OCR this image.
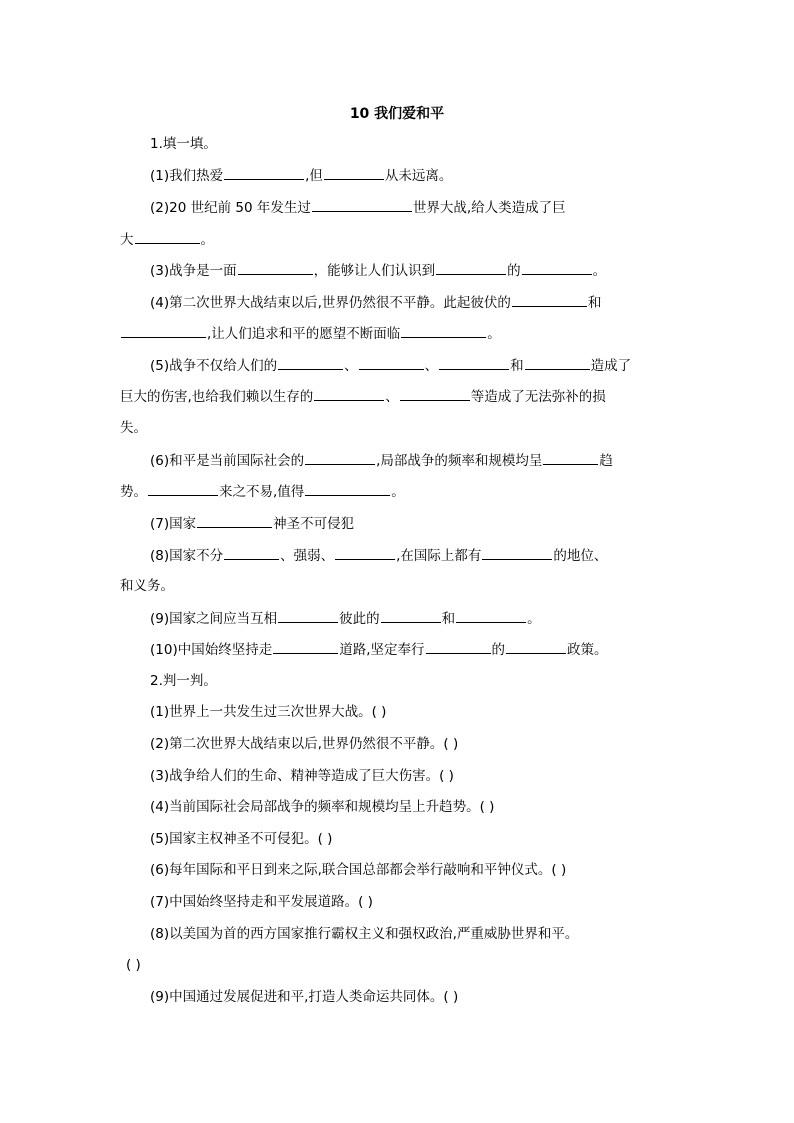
10 我们爱和平
1.填一填。
(1)我们热爱	,但	从未远离。
(2)20 世纪前 50 年发生过	世界大战,给人类造成了巨
大	。
(3)战争是一面	，能够让人们认识到	的	。
(4)第二次世界大战结束以后,世界仍然很不平静。此起彼伏的	和
,让人们追求和平的愿望不断面临	。
(5)战争不仅给人们的	、	、	和	造成了
巨大的伤害,也给我们赖以生存的	、	等造成了无法弥补的损
失。
(6)和平是当前国际社会的	,局部战争的频率和规模均呈	趋
势。	来之不易,值得	。
(7)国家	神圣不可侵犯
(8)国家不分	、强弱、	,在国际上都有	的地位、
和义务。
(9)国家之间应当互相	彼此的	和	。
(10)中国始终坚持走	道路,坚定奉行	的	政策。
2.判一判。
(1)世界上一共发生过三次世界大战。( )
(2)第二次世界大战结束以后,世界仍然很不平静。( )
(3)战争给人们的生命、精神等造成了巨大伤害。( )
(4)当前国际社会局部战争的频率和规模均呈上升趋势。( )
(5)国家主权神圣不可侵犯。( )
(6)每年国际和平日到来之际,联合国总部都会举行敲响和平钟仪式。( )
(7)中国始终坚持走和平发展道路。( )
(8)以美国为首的西方国家推行霸权主义和强权政治,严重威胁世界和平。
( )
(9)中国通过发展促进和平,打造人类命运共同体。( )
